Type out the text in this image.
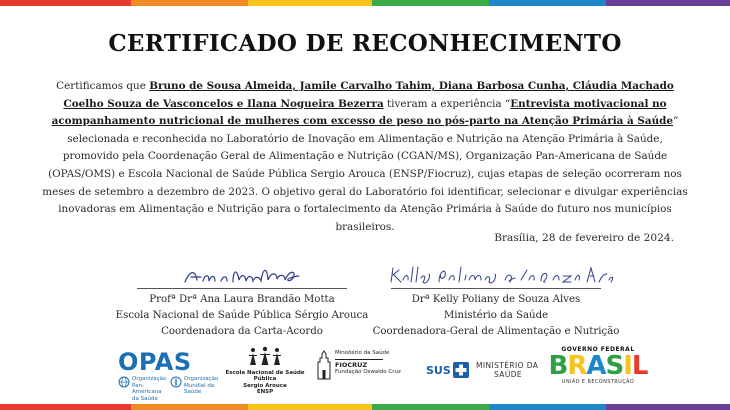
CERTIFICADO DE RECONHECIMENTO

Certificamos que Bruno de Sousa Almeida, Jamile Carvalho Tahim, Diana Barbosa Cunha, Cláudia Machado Coelho Souza de Vasconcelos e Ilana Nogueira Bezerra tiveram a experiência “Entrevista motivacional no acompanhamento nutricional de mulheres com excesso de peso no pós-parto na Atenção Primária à Saúde” selecionada e reconhecida no Laboratório de Inovação em Alimentação e Nutrição na Atenção Primária à Saúde, promovido pela Coordenação Geral de Alimentação e Nutrição (CGAN/MS), Organização Pan-Americana de Saúde (OPAS/OMS) e Escola Nacional de Saúde Pública Sergio Arouca (ENSP/Fiocruz), cujas etapas de seleção ocorreram nos meses de setembro a dezembro de 2023. O objetivo geral do Laboratório foi identificar, selecionar e divulgar experiências inovadoras em Alimentação e Nutrição para o fortalecimento da Atenção Primária à Saúde do futuro nos municípios brasileiros.

Brasília, 28 de fevereiro de 2024.
Profª Drª Ana Laura Brandão Motta
Escola Nacional de Saúde Pública Sérgio Arouca
Coordenadora da Carta-Acordo
Drª Kelly Poliany de Souza Alves
Ministério da Saúde
Coordenadora-Geral de Alimentação e Nutrição
OPAS
Organização Pan-Americana da Saúde
Organização Mundial da Saúde
Escola Nacional de Saúde Pública
Sergio Arouca
ENSP
Ministério da Saúde
FIOCRUZ
Fundação Oswaldo Cruz SUS	MINISTÉRIO DA
SAÚDE
GOVERNO FEDERAL
BRASIL
UNIÃO E RECONSTRUÇÃO
